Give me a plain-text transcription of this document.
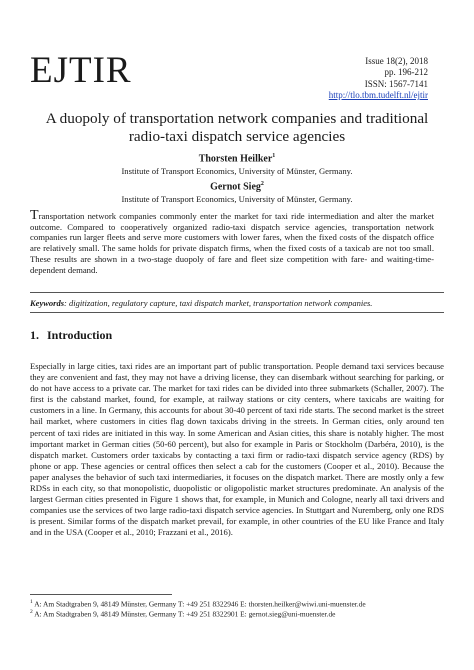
EJTIR	Issue 18(2), 2018
pp. 196-212
ISSN: 1567-7141
http://tlo.tbm.tudelft.nl/ejtir
A duopoly of transportation network companies and traditional
radio-taxi dispatch service agencies
Thorsten Heilker$^1$
Institute of Transport Economics, University of Münster, Germany.
Gernot Sieg$^2$
Institute of Transport Economics, University of Münster, Germany.
Transportation network companies commonly enter the market for taxi ride intermediation and alter the market outcome. Compared to cooperatively organized radio-taxi dispatch service agencies, transportation network companies run larger fleets and serve more customers with lower fares, when the fixed costs of the dispatch office are relatively small. The same holds for private dispatch firms, when the fixed costs of a taxicab are not too small. These results are shown in a two-stage duopoly of fare and fleet size competition with fare- and waiting-time-dependent demand.
Keywords: digitization, regulatory capture, taxi dispatch market, transportation network companies.
1. Introduction
Especially in large cities, taxi rides are an important part of public transportation. People demand taxi services because they are convenient and fast, they may not have a driving license, they can disembark without searching for parking, or do not have access to a private car. The market for taxi rides can be divided into three submarkets (Schaller, 2007). The first is the cabstand market, found, for example, at railway stations or city centers, where taxicabs are waiting for customers in a line. In Germany, this accounts for about 30-40 percent of taxi ride starts. The second market is the street hail market, where customers in cities flag down taxicabs driving in the streets. In German cities, only around ten percent of taxi rides are initiated in this way. In some American and Asian cities, this share is notably higher. The most important market in German cities (50-60 percent), but also for example in Paris or Stockholm (Darbéra, 2010), is the dispatch market. Customers order taxicabs by contacting a taxi firm or radio-taxi dispatch service agency (RDS) by phone or app. These agencies or central offices then select a cab for the customers (Cooper et al., 2010). Because the paper analyses the behavior of such taxi intermediaries, it focuses on the dispatch market. There are mostly only a few RDSs in each city, so that monopolistic, duopolistic or oligopolistic market structures predominate. An analysis of the largest German cities presented in Figure 1 shows that, for example, in Munich and Cologne, nearly all taxi drivers and companies use the services of two large radio-taxi dispatch service agencies. In Stuttgart and Nuremberg, only one RDS is present. Similar forms of the dispatch market prevail, for example, in other countries of the EU like France and Italy and in the USA (Cooper et al., 2010; Frazzani et al., 2016).
$^1$ A: Am Stadtgraben 9, 48149 Münster, Germany T: +49 251 8322946 E: thorsten.heilker@wiwi.uni-muenster.de
$^2$ A: Am Stadtgraben 9, 48149 Münster, Germany T: +49 251 8322901 E: gernot.sieg@uni-muenster.de
